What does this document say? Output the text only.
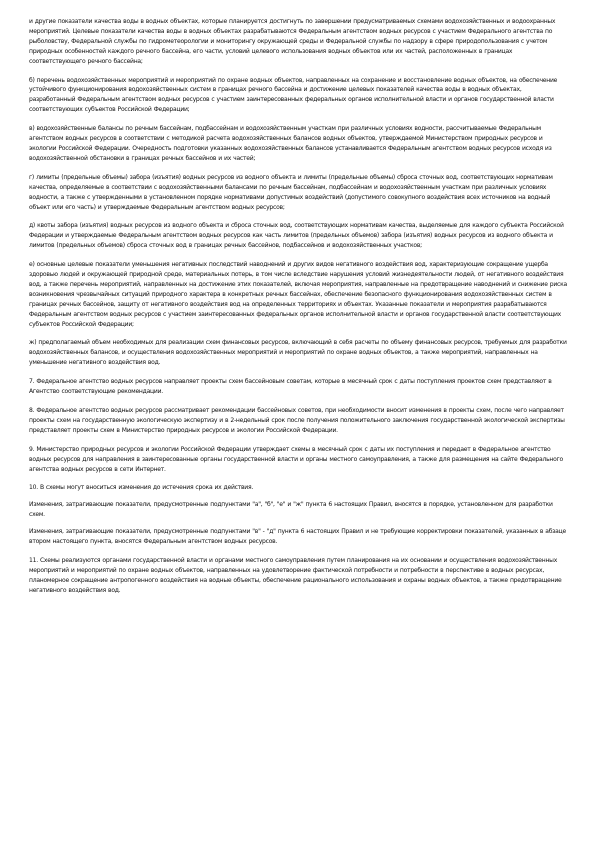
и другие показатели качества воды в водных объектах, которые планируется достигнуть по завершении предусматриваемых схемами водохозяйственных и водоохранных мероприятий. Целевые показатели качества воды в водных объектах разрабатываются Федеральным агентством водных ресурсов с участием Федерального агентства по рыболовству, Федеральной службы по гидрометеорологии и мониторингу окружающей среды и Федеральной службы по надзору в сфере природопользования с учетом природных особенностей каждого речного бассейна, его части, условий целевого использования водных объектов или их частей, расположенных в границах соответствующего речного бассейна;

б) перечень водохозяйственных мероприятий и мероприятий по охране водных объектов, направленных на сохранение и восстановление водных объектов, на обеспечение устойчивого функционирования водохозяйственных систем в границах речного бассейна и достижение целевых показателей качества воды в водных объектах, разработанный Федеральным агентством водных ресурсов с участием заинтересованных федеральных органов исполнительной власти и органов государственной власти соответствующих субъектов Российской Федерации;

в) водохозяйственные балансы по речным бассейнам, подбассейнам и водохозяйственным участкам при различных условиях водности, рассчитываемые Федеральным агентством водных ресурсов в соответствии с методикой расчета водохозяйственных балансов водных объектов, утверждаемой Министерством природных ресурсов и экологии Российской Федерации. Очередность подготовки указанных водохозяйственных балансов устанавливается Федеральным агентством водных ресурсов исходя из водохозяйственной обстановки в границах речных бассейнов и их частей;

г) лимиты (предельные объемы) забора (изъятия) водных ресурсов из водного объекта и лимиты (предельные объемы) сброса сточных вод, соответствующих нормативам качества, определяемые в соответствии с водохозяйственными балансами по речным бассейнам, подбассейнам и водохозяйственным участкам при различных условиях водности, а также с утвержденными в установленном порядке нормативами допустимых воздействий (допустимого совокупного воздействия всех источников на водный объект или его часть) и утверждаемые Федеральным агентством водных ресурсов;

д) квоты забора (изъятия) водных ресурсов из водного объекта и сброса сточных вод, соответствующих нормативам качества, выделяемые для каждого субъекта Российской Федерации и утверждаемые Федеральным агентством водных ресурсов как часть лимитов (предельных объемов) забора (изъятия) водных ресурсов из водного объекта и лимитов (предельных объемов) сброса сточных вод в границах речных бассейнов, подбассейнов и водохозяйственных участков;

е) основные целевые показатели уменьшения негативных последствий наводнений и других видов негативного воздействия вод, характеризующие сокращение ущерба здоровью людей и окружающей природной среде, материальных потерь, в том числе вследствие нарушения условий жизнедеятельности людей, от негативного воздействия вод, а также перечень мероприятий, направленных на достижение этих показателей, включая мероприятия, направленные на предотвращение наводнений и снижение риска возникновения чрезвычайных ситуаций природного характера в конкретных речных бассейнах, обеспечение безопасного функционирования водохозяйственных систем в границах речных бассейнов, защиту от негативного воздействия вод на определенных территориях и объектах. Указанные показатели и мероприятия разрабатываются Федеральным агентством водных ресурсов с участием заинтересованных федеральных органов исполнительной власти и органов государственной власти соответствующих субъектов Российской Федерации;

ж) предполагаемый объем необходимых для реализации схем финансовых ресурсов, включающий в себя расчеты по объему финансовых ресурсов, требуемых для разработки водохозяйственных балансов, и осуществления водохозяйственных мероприятий и мероприятий по охране водных объектов, а также мероприятий, направленных на уменьшение негативного воздействия вод.

7. Федеральное агентство водных ресурсов направляет проекты схем бассейновым советам, которые в месячный срок с даты поступления проектов схем представляют в Агентство соответствующие рекомендации.

8. Федеральное агентство водных ресурсов рассматривает рекомендации бассейновых советов, при необходимости вносит изменения в проекты схем, после чего направляет проекты схем на государственную экологическую экспертизу и в 2-недельный срок после получения положительного заключения государственной экологической экспертизы представляет проекты схем в Министерство природных ресурсов и экологии Российской Федерации.

9. Министерство природных ресурсов и экологии Российской Федерации утверждает схемы в месячный срок с даты их поступления и передает в Федеральное агентство водных ресурсов для направления в заинтересованные органы государственной власти и органы местного самоуправления, а также для размещения на сайте Федерального агентства водных ресурсов в сети Интернет.

10. В схемы могут вноситься изменения до истечения срока их действия.

Изменения, затрагивающие показатели, предусмотренные подпунктами "а", "б", "е" и "ж" пункта 6 настоящих Правил, вносятся в порядке, установленном для разработки схем.

Изменения, затрагивающие показатели, предусмотренные подпунктами "в" - "д" пункта 6 настоящих Правил и не требующие корректировки показателей, указанных в абзаце втором настоящего пункта, вносятся Федеральным агентством водных ресурсов.

11. Схемы реализуются органами государственной власти и органами местного самоуправления путем планирования на их основании и осуществления водохозяйственных мероприятий и мероприятий по охране водных объектов, направленных на удовлетворение фактической потребности и потребности в перспективе в водных ресурсах, планомерное сокращение антропогенного воздействия на водные объекты, обеспечение рационального использования и охраны водных объектов, а также предотвращение негативного воздействия вод.
